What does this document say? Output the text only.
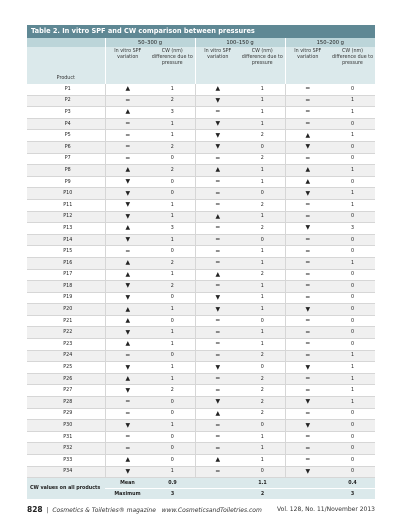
Table 2. In vitro SPF and CW comparison between pressures
	50–300 g		100–150 g		150–200 g	
Product	In vitro SPF variation	CW (nm) difference due to pressure	In vitro SPF variation	CW (nm) difference due to pressure	In vitro SPF variation	CW (nm) difference due to pressure
P1	▲	1	▲	1	=	0
P2	=	2	▼	1	=	1
P3	▲	3	=	1	=	1
P4	=	1	▼	1	=	0
P5	=	1	▼	2	▲	1
P6	=	2	▼	0	▼	0
P7	=	0	=	2	=	0
P8	▲	2	▲	1	▲	1
P9	▼	0	=	1	▲	0
P10	▼	0	=	0	▼	1
P11	▼	1	=	2	=	1
P12	▼	1	▲	1	=	0
P13	▲	3	=	2	▼	3
P14	▼	1	=	0	=	0
P15	=	0	=	1	=	0
P16	▲	2	=	1	=	1
P17	▲	1	▲	2	=	0
P18	▼	2	=	1	=	0
P19	▼	0	▼	1	=	0
P20	▲	1	▼	1	▼	0
P21	▲	0	=	0	=	0
P22	▼	1	=	1	=	0
P23	▲	1	=	1	=	0
P24	=	0	=	2	=	1
P25	▼	1	▼	0	▼	1
P26	▲	1	=	2	=	1
P27	▼	2	=	2	=	1
P28	=	0	▼	2	▼	1
P29	=	0	▲	2	=	0
P30	▼	1	=	0	▼	0
P31	=	0	=	1	=	0
P32	=	0	=	1	=	0
P33	▲	0	▲	1	=	0
P34	▼	1	=	0	▼	0
CW values on all products	Mean	0.9		1.1		0.4
	Maximum	3		2		3
828  |  Cosmetics & Toiletries® magazine www.CosmeticsandToiletries.com	Vol. 128, No. 11/November 2013
